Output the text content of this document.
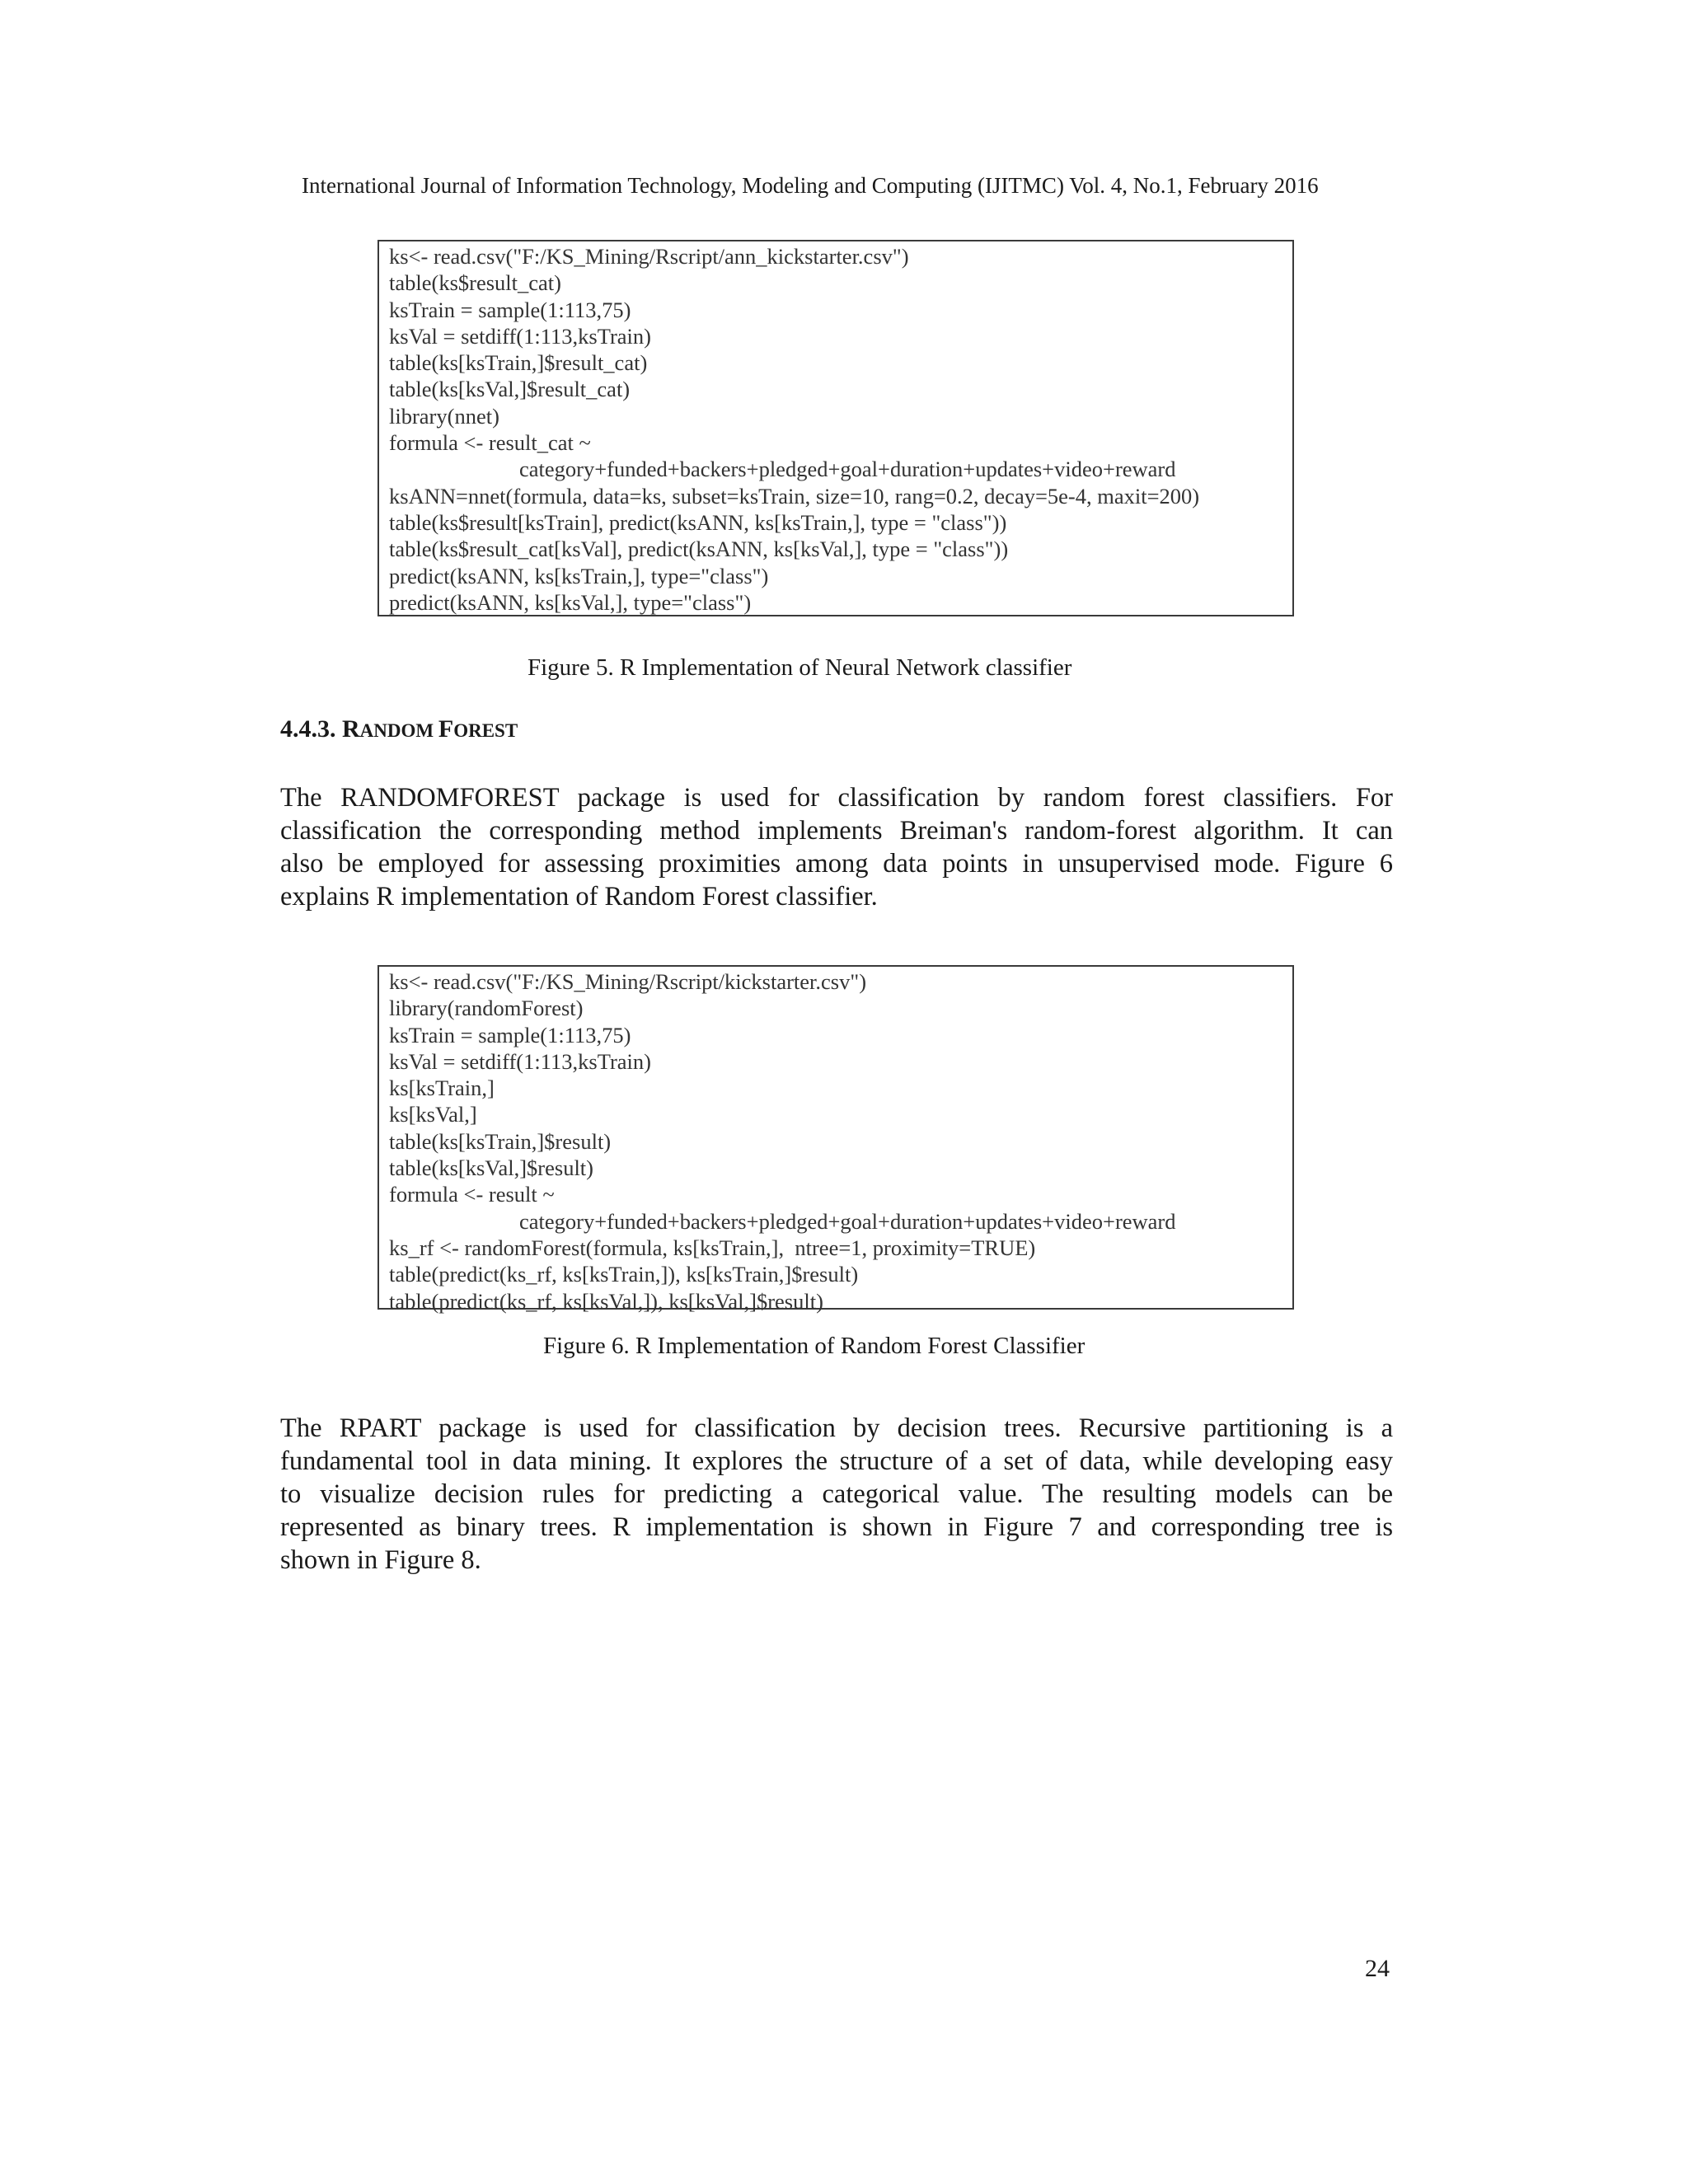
International Journal of Information Technology, Modeling and Computing (IJITMC) Vol. 4, No.1, February 2016
ks<- read.csv("F:/KS_Mining/Rscript/ann_kickstarter.csv")
table(ks$result_cat)
ksTrain = sample(1:113,75)
ksVal = setdiff(1:113,ksTrain)
table(ks[ksTrain,]$result_cat)
table(ks[ksVal,]$result_cat)
library(nnet)
formula <- result_cat ~
category+funded+backers+pledged+goal+duration+updates+video+reward
ksANN=nnet(formula, data=ks, subset=ksTrain, size=10, rang=0.2, decay=5e-4, maxit=200)
table(ks$result[ksTrain], predict(ksANN, ks[ksTrain,], type = "class"))
table(ks$result_cat[ksVal], predict(ksANN, ks[ksVal,], type = "class"))
predict(ksANN, ks[ksTrain,], type="class")
predict(ksANN, ks[ksVal,], type="class")
Figure 5. R Implementation of Neural Network classifier
4.4.3. RANDOM FOREST
The RANDOMFOREST package is used for classification by random forest classifiers. For
classification the corresponding method implements Breiman's random-forest algorithm. It can
also be employed for assessing proximities among data points in unsupervised mode. Figure 6
explains R implementation of Random Forest classifier.
ks<- read.csv("F:/KS_Mining/Rscript/kickstarter.csv")
library(randomForest)
ksTrain = sample(1:113,75)
ksVal = setdiff(1:113,ksTrain)
ks[ksTrain,]
ks[ksVal,]
table(ks[ksTrain,]$result)
table(ks[ksVal,]$result)
formula <- result ~
category+funded+backers+pledged+goal+duration+updates+video+reward
ks_rf <- randomForest(formula, ks[ksTrain,],  ntree=1, proximity=TRUE)
table(predict(ks_rf, ks[ksTrain,]), ks[ksTrain,]$result)
table(predict(ks_rf, ks[ksVal,]), ks[ksVal,]$result)
Figure 6. R Implementation of Random Forest Classifier
The RPART package is used for classification by decision trees. Recursive partitioning is a
fundamental tool in data mining. It explores the structure of a set of data, while developing easy
to visualize decision rules for predicting a categorical value. The resulting models can be
represented as binary trees. R implementation is shown in Figure 7 and corresponding tree is
shown in Figure 8.
24
